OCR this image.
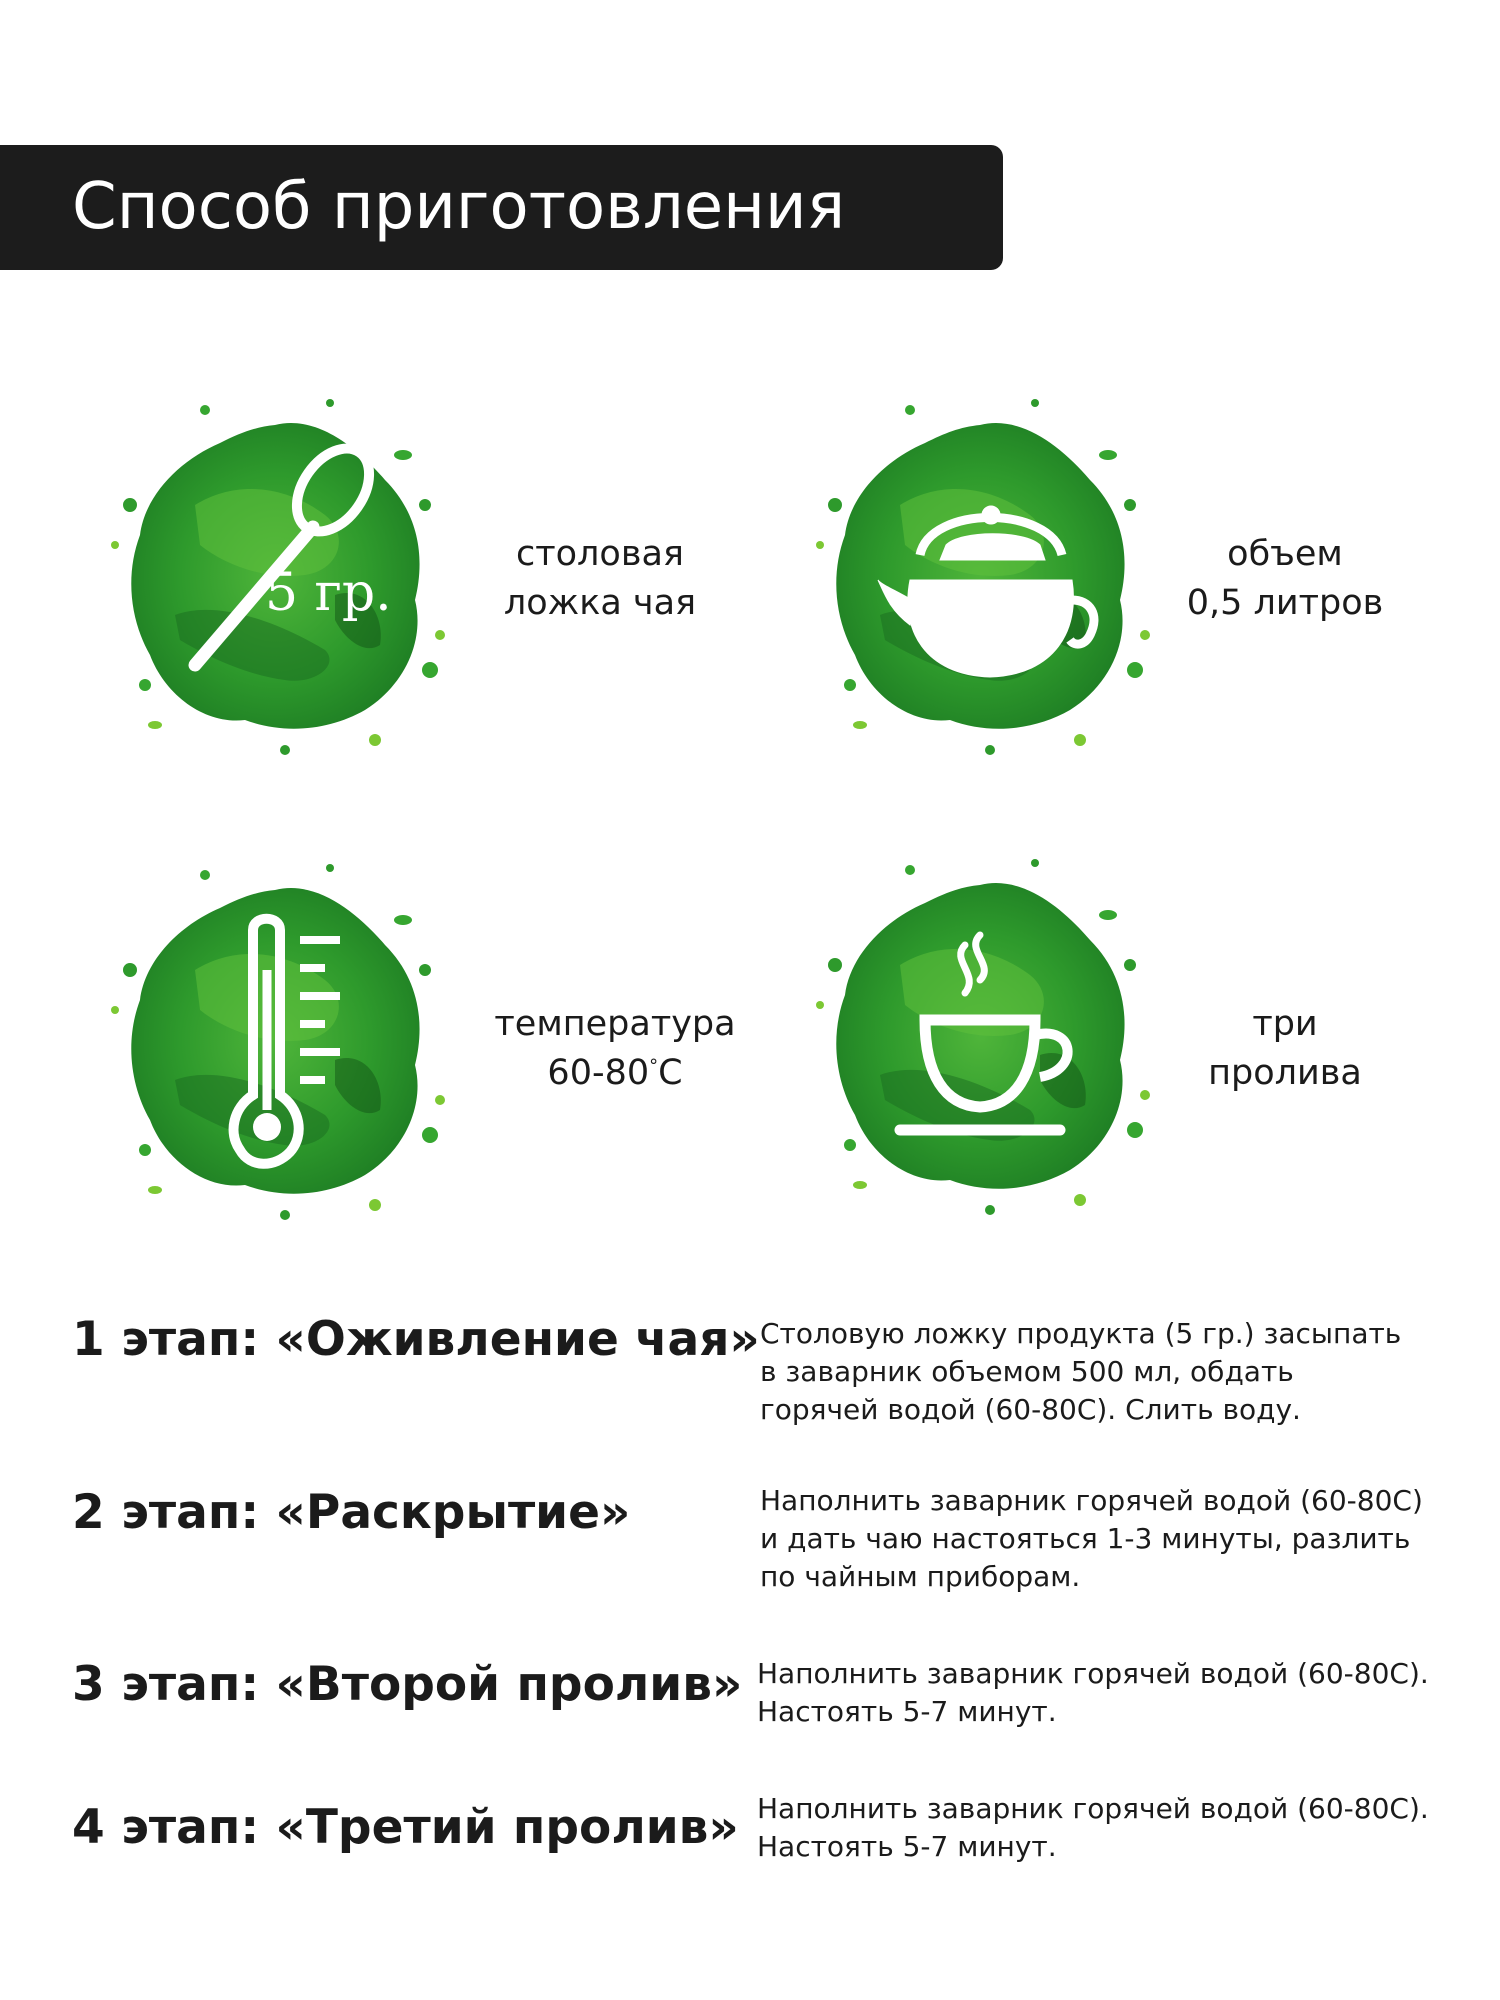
Способ приготовления
5 гр.
столовая
ложка чая
объем
0,5 литров
температура
60-80°C
три
пролива
1 этап: «Оживление чая» Столовую ложку продукта (5 гр.) засыпать
в заварник объемом 500 мл, обдать
горячей водой (60-80С). Слить воду.
2 этап: «Раскрытие»	Наполнить заварник горячей водой (60-80С)
и дать чаю настояться 1-3 минуты, разлить
по чайным приборам.
3 этап: «Второй пролив» Наполнить заварник горячей водой (60-80С).
Настоять 5-7 минут.
4 этап: «Третий пролив» Наполнить заварник горячей водой (60-80С).
Настоять 5-7 минут.
